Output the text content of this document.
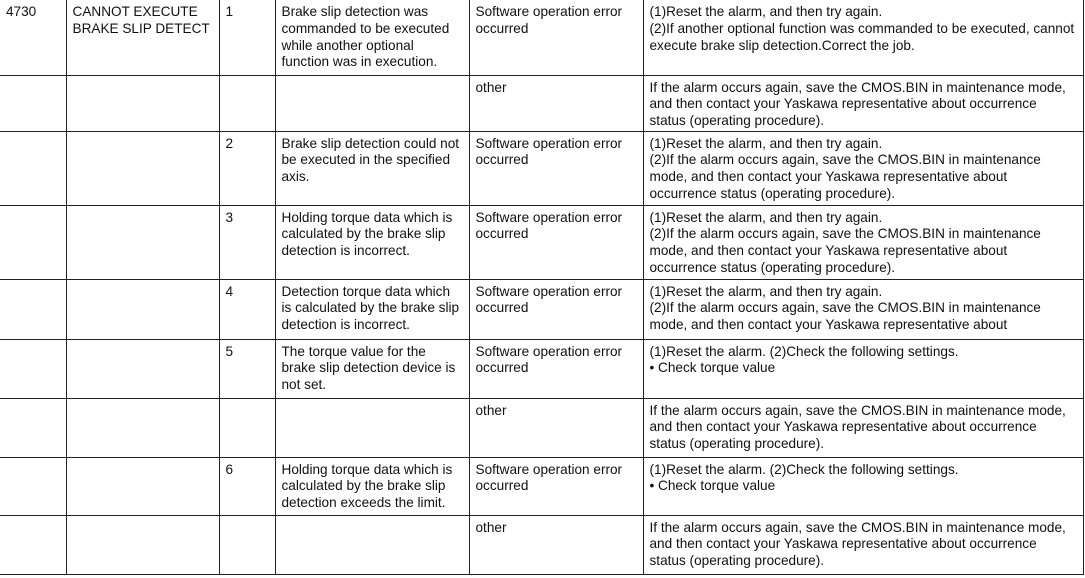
4730	CANNOT EXECUTE BRAKE SLIP DETECT	1	Brake slip detection was commanded to be executed while another optional function was in execution.	Software operation error occurred	(1)Reset the alarm, and then try again.
(2)If another optional function was commanded to be executed, cannot execute brake slip detection.Correct the job.
				other	If the alarm occurs again, save the CMOS.BIN in maintenance mode, and then contact your Yaskawa representative about occurrence status (operating procedure).
		2	Brake slip detection could not be executed in the specified axis.	Software operation error occurred	(1)Reset the alarm, and then try again.
(2)If the alarm occurs again, save the CMOS.BIN in maintenance mode, and then contact your Yaskawa representative about occurrence status (operating procedure).
		3	Holding torque data which is calculated by the brake slip detection is incorrect.	Software operation error occurred	(1)Reset the alarm, and then try again.
(2)If the alarm occurs again, save the CMOS.BIN in maintenance mode, and then contact your Yaskawa representative about occurrence status (operating procedure).
		4	Detection torque data which is calculated by the brake slip detection is incorrect.	Software operation error occurred	(1)Reset the alarm, and then try again.
(2)If the alarm occurs again, save the CMOS.BIN in maintenance mode, and then contact your Yaskawa representative about
		5	The torque value for the brake slip detection device is not set.	Software operation error occurred	(1)Reset the alarm. (2)Check the following settings.
• Check torque value
				other	If the alarm occurs again, save the CMOS.BIN in maintenance mode, and then contact your Yaskawa representative about occurrence status (operating procedure).
		6	Holding torque data which is calculated by the brake slip detection exceeds the limit.	Software operation error occurred	(1)Reset the alarm. (2)Check the following settings.
• Check torque value
				other	If the alarm occurs again, save the CMOS.BIN in maintenance mode, and then contact your Yaskawa representative about occurrence status (operating procedure).
